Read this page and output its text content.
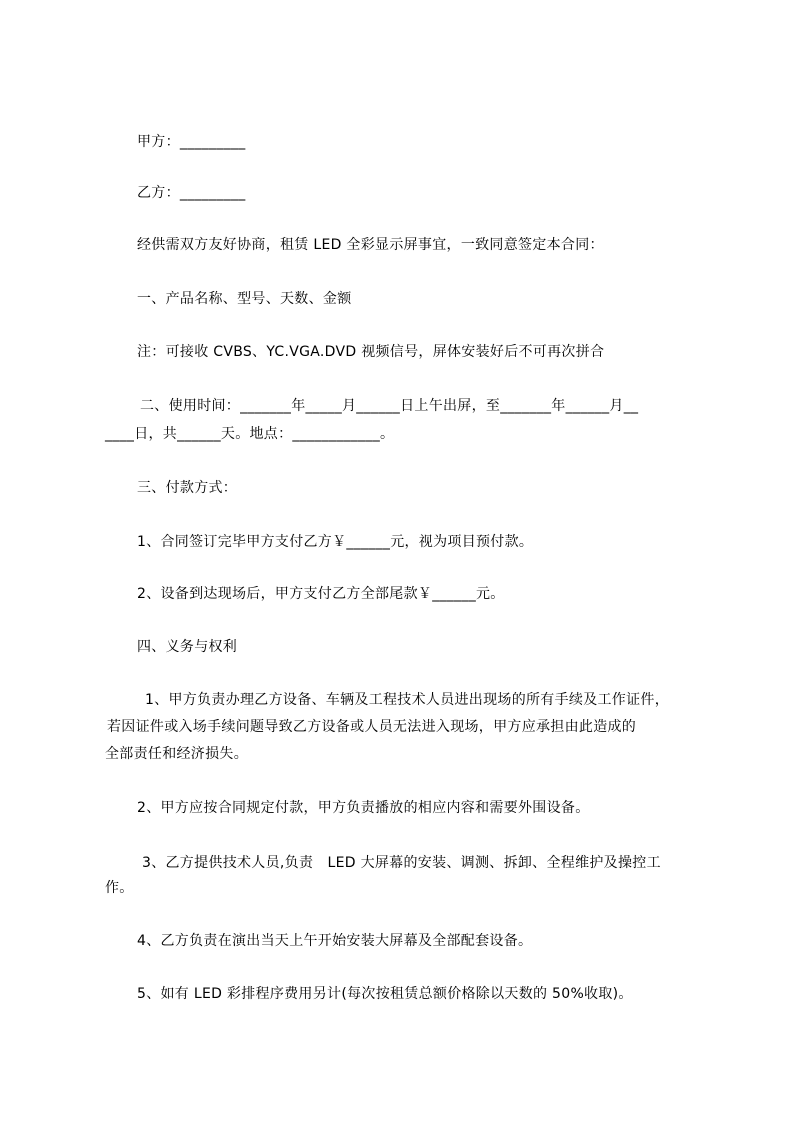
甲方：_________
乙方：_________
经供需双方友好协商，租赁 LED 全彩显示屏事宜，一致同意签定本合同：
一、产品名称、型号、天数、金额
注：可接收 CVBS、YC.VGA.DVD 视频信号，屏体安装好后不可再次拼合
二、使用时间：_______年_____月______日上午出屏，至_______年______月__
____日，共______天。地点：____________。
三、付款方式：
1、合同签订完毕甲方支付乙方￥______元，视为项目预付款。
2、设备到达现场后，甲方支付乙方全部尾款￥______元。
四、义务与权利
1、甲方负责办理乙方设备、车辆及工程技术人员进出现场的所有手续及工作证件，
若因证件或入场手续问题导致乙方设备或人员无法进入现场，甲方应承担由此造成的
全部责任和经济损失。
2、甲方应按合同规定付款，甲方负责播放的相应内容和需要外围设备。
3、乙方提供技术人员,负责   LED 大屏幕的安装、调测、拆卸、全程维护及操控工
作。
4、乙方负责在演出当天上午开始安装大屏幕及全部配套设备。
5、如有 LED 彩排程序费用另计(每次按租赁总额价格除以天数的 50%收取)。
